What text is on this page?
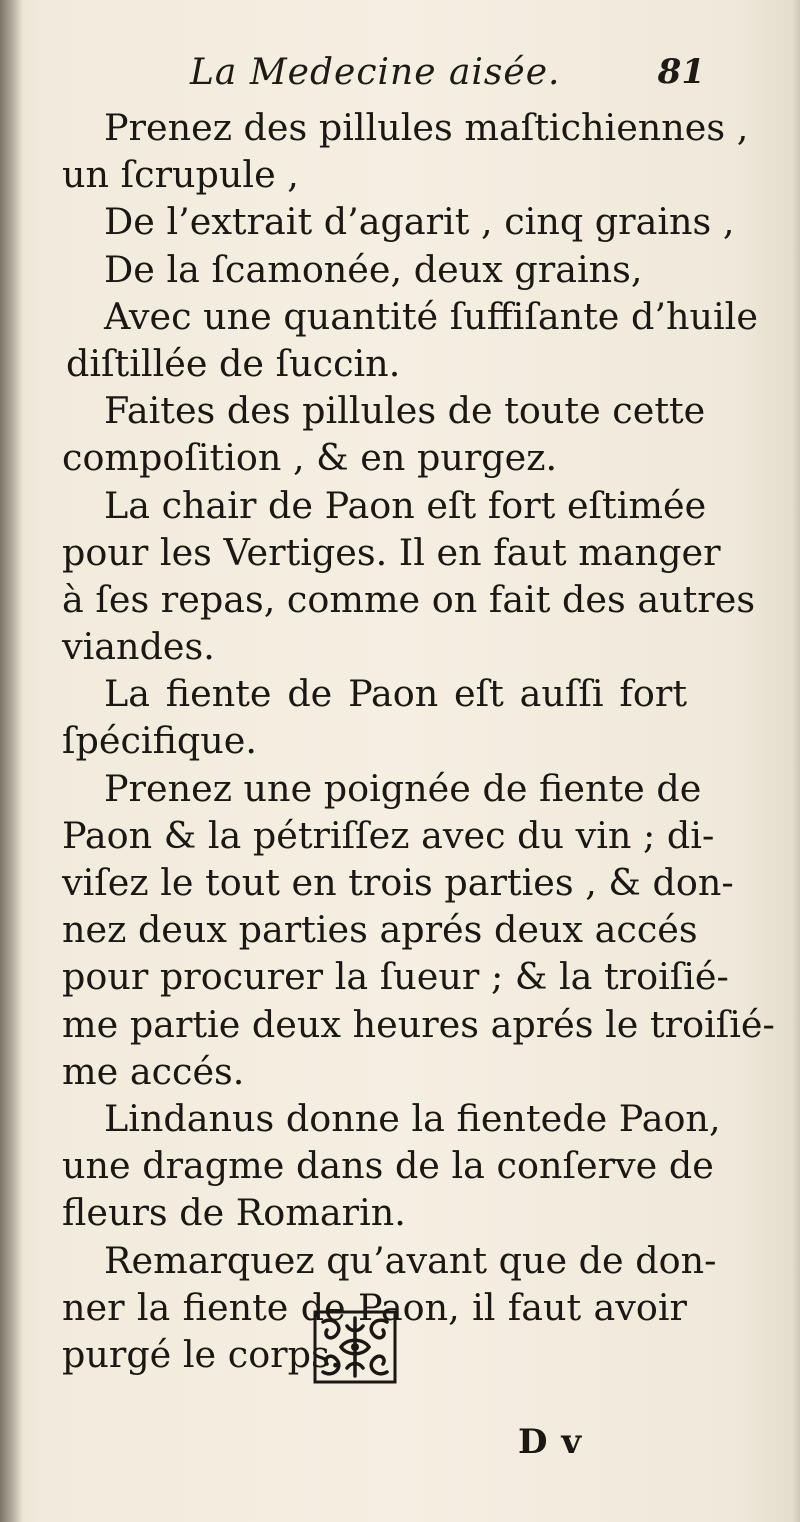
La Medecine aisée.	81
Prenez des pillules maſtichiennes ,
un ſcrupule ,
De l’extrait d’agarit , cinq grains ,
De la ſcamonée, deux grains,
Avec une quantité ſuffiſante d’huile
diſtillée de ſuccin.
Faites des pillules de toute cette
compoſition , & en purgez.
La chair de Paon eſt fort eſtimée
pour les Vertiges. Il en faut manger
à ſes repas, comme on fait des autres
viandes.
La fiente de Paon eſt auſſi fort
ſpécifique.
Prenez une poignée de fiente de
Paon & la pétriſſez avec du vin ; di-
viſez le tout en trois parties , & don-
nez deux parties aprés deux accés
pour procurer la ſueur ; & la troiſié-
me partie deux heures aprés le troiſié-
me accés.
Lindanus donne la fientede Paon,
une dragme dans de la conſerve de
fleurs de Romarin.
Remarquez qu’avant que de don-
ner la fiente de Paon, il faut avoir
purgé le corps.
D v
